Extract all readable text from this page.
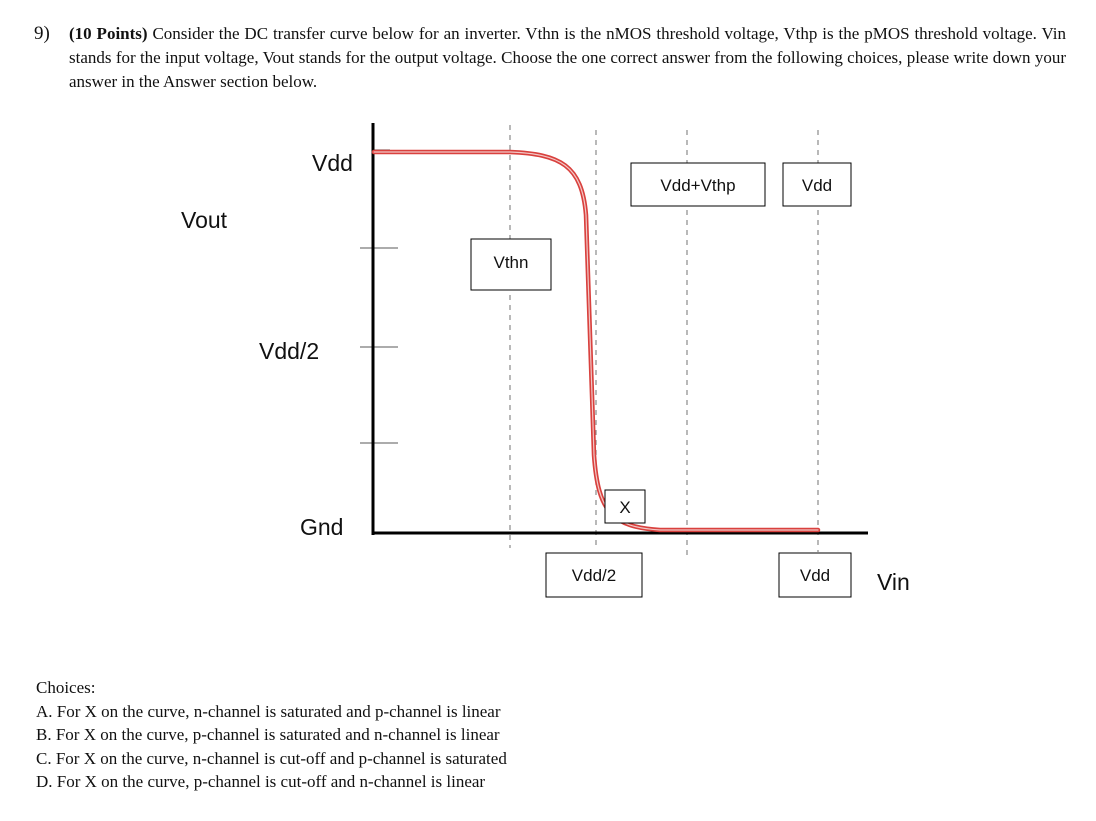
9) (10 Points) Consider the DC transfer curve below for an inverter. Vthn is the nMOS threshold voltage, Vthp is the pMOS threshold voltage. Vin stands for the input voltage, Vout stands for the output voltage. Choose the one correct answer from the following choices, please write down your answer in the Answer section below.
Vout
Vin
Vdd
Vdd/2
Gnd
Vthn
Vdd+Vthp	Vdd
X
Vdd/2	Vdd
Choices:
A. For X on the curve, n-channel is saturated and p-channel is linear
B. For X on the curve, p-channel is saturated and n-channel is linear
C. For X on the curve, n-channel is cut-off and p-channel is saturated
D. For X on the curve, p-channel is cut-off and n-channel is linear
